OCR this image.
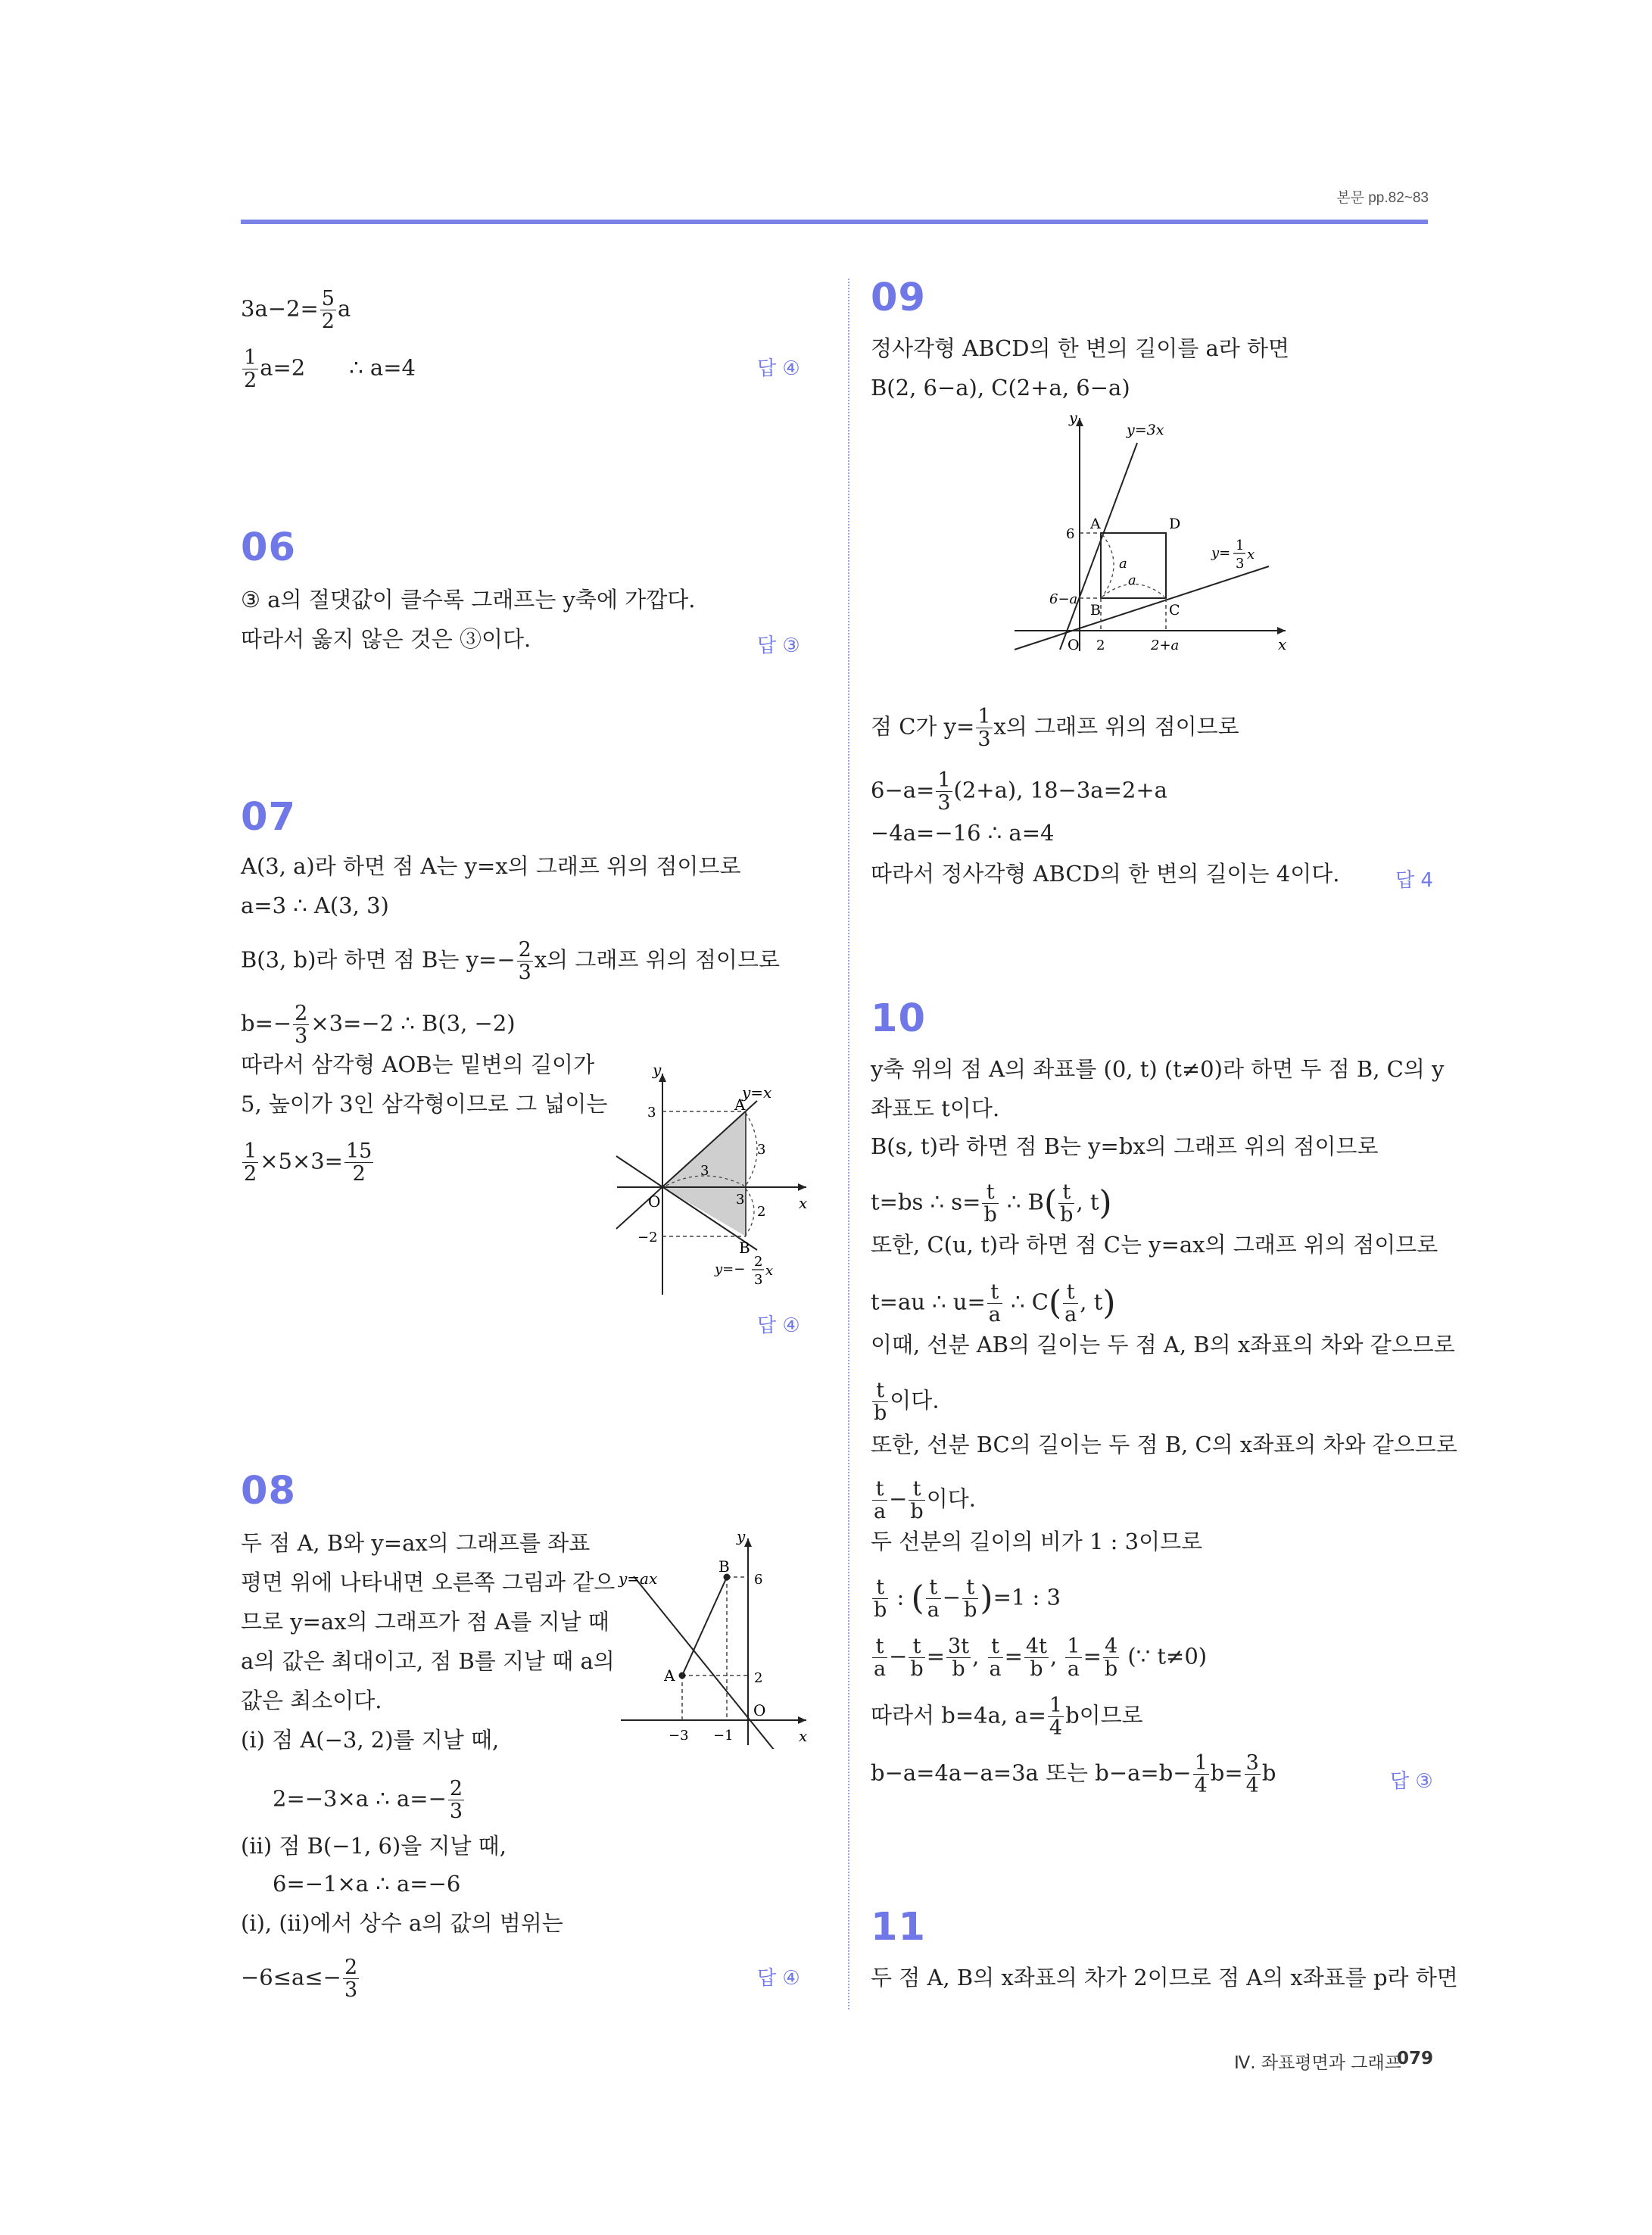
본문 pp.82~83
$3a-2= \frac{5}{2}$ a
$\frac{1}{2} a=2$ ∴ a=4	답 ④
06
③ a의 절댓값이 클수록 그래프는 y축에 가깝다.
따라서 옳지 않은 것은 ③이다.	답 ③
07
A(3, a)라 하면 점 A는 y=x의 그래프 위의 점이므로
a=3 ∴ A(3, 3)
B(3, b)라 하면 점 B는 $y=- \frac{2}{3}$ x의 그래프 위의 점이므로
$b=- \frac{2}{3} \times 3=-2$ ∴ B(3, −2)
따라서 삼각형 AOB는 밑변의 길이가
5, 높이가 3인 삼각형이므로 그 넓이는
$\frac{1}{2} \times 5\times 3= \frac{15}{2}$
답 ④
y
x
O
y=x
A
B
3
−2
3
3
3
2
y=− 2
3
x
08
두 점 A, B와 y=ax의 그래프를 좌표
평면 위에 나타내면 오른쪽 그림과 같으
므로 y=ax의 그래프가 점 A를 지날 때
a의 값은 최대이고, 점 B를 지날 때 a의
값은 최소이다.
(i) 점 A(−3, 2)를 지날 때,
2=−3×a ∴ $a=- \frac{2}{3}$
(ii) 점 B(−1, 6)을 지날 때,
6=−1×a ∴ a=−6
(i), (ii)에서 상수 a의 값의 범위는
$-6\le a\le- \frac{2}{3}$	답 ④
y
x
O
y=ax
A
B
6
2
−3 −1
09
정사각형 ABCD의 한 변의 길이를 a라 하면
B(2, 6−a), C(2+a, 6−a)
y
x
O
y=3x
y= 1
3
x
A
B	C
D
6
6−a
2	2+a
a
a
점 C가 $y= \frac{1}{3}$ x의 그래프 위의 점이므로
$6-a= \frac{1}{3} (2+a)$, 18−3a=2+a
−4a=−16 ∴ a=4
따라서 정사각형 ABCD의 한 변의 길이는 4이다.	답 4
10
y축 위의 점 A의 좌표를 (0, t) (t≠0)라 하면 두 점 B, C의 y
좌표도 t이다.
B(s, t)라 하면 점 B는 y=bx의 그래프 위의 점이므로
t=bs ∴ $s= \frac{t}{b}$ ∴ $B( \frac{t}{b}$ , t)
또한, C(u, t)라 하면 점 C는 y=ax의 그래프 위의 점이므로
t=au ∴ $u= \frac{t}{a}$ ∴ $C( \frac{t}{a}$ , t)
이때, 선분 AB의 길이는 두 점 A, B의 x좌표의 차와 같으므로
$\frac{t}{b}$ 이다.
또한, 선분 BC의 길이는 두 점 B, C의 x좌표의 차와 같으므로
$\frac{t}{a} - \frac{t}{b}$ 이다.
두 선분의 길이의 비가 1 : 3이므로
$\frac{t}{b}$ : ( $\frac{t}{a} - \frac{t}{b} )=1$ : 3
$\frac{t}{a} - \frac{t}{b} = \frac{3t}{b}$ , $\frac{t}{a} = \frac{4t}{b}$ , $\frac{1}{a} = \frac{4}{b}$ (∵ t≠0)
따라서 b=4a, $a= \frac{1}{4}$ b이므로
b−a=4a−a=3a 또는 $b-a=b- \frac{1}{4} b= \frac{3}{4}$ b	답 ③
11
두 점 A, B의 x좌표의 차가 2이므로 점 A의 x좌표를 p라 하면
Ⅳ. 좌표평면과 그래프
079
